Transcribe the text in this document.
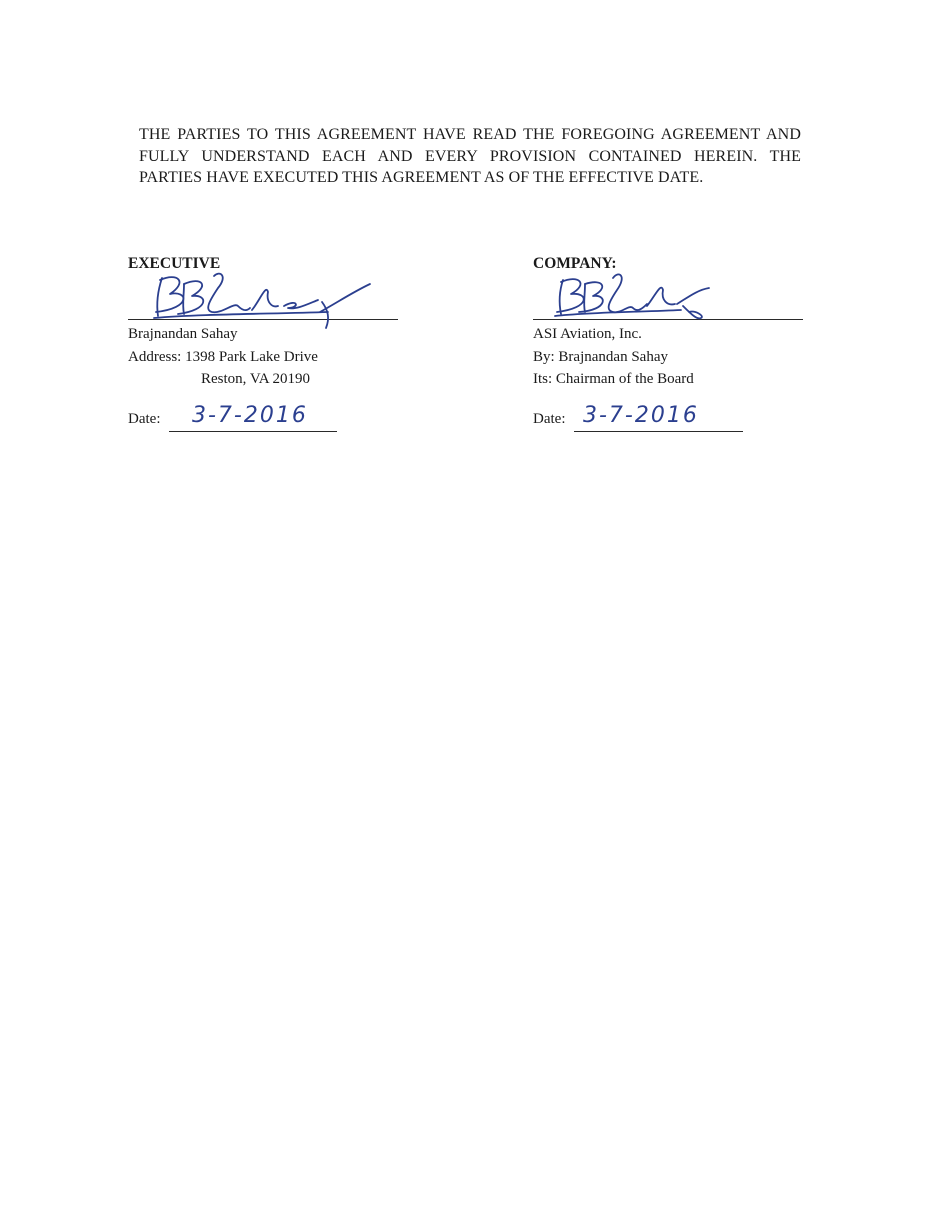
THE PARTIES TO THIS AGREEMENT HAVE READ THE FOREGOING AGREEMENT AND FULLY UNDERSTAND EACH AND EVERY PROVISION CONTAINED HEREIN. THE PARTIES HAVE EXECUTED THIS AGREEMENT AS OF THE EFFECTIVE DATE.

EXECUTIVE
Brajnandan Sahay
Address: 1398 Park Lake Drive
Reston, VA 20190
Date: 3-7-2016
COMPANY:
ASI Aviation, Inc.
By: Brajnandan Sahay
Its: Chairman of the Board
Date: 3-7-2016
